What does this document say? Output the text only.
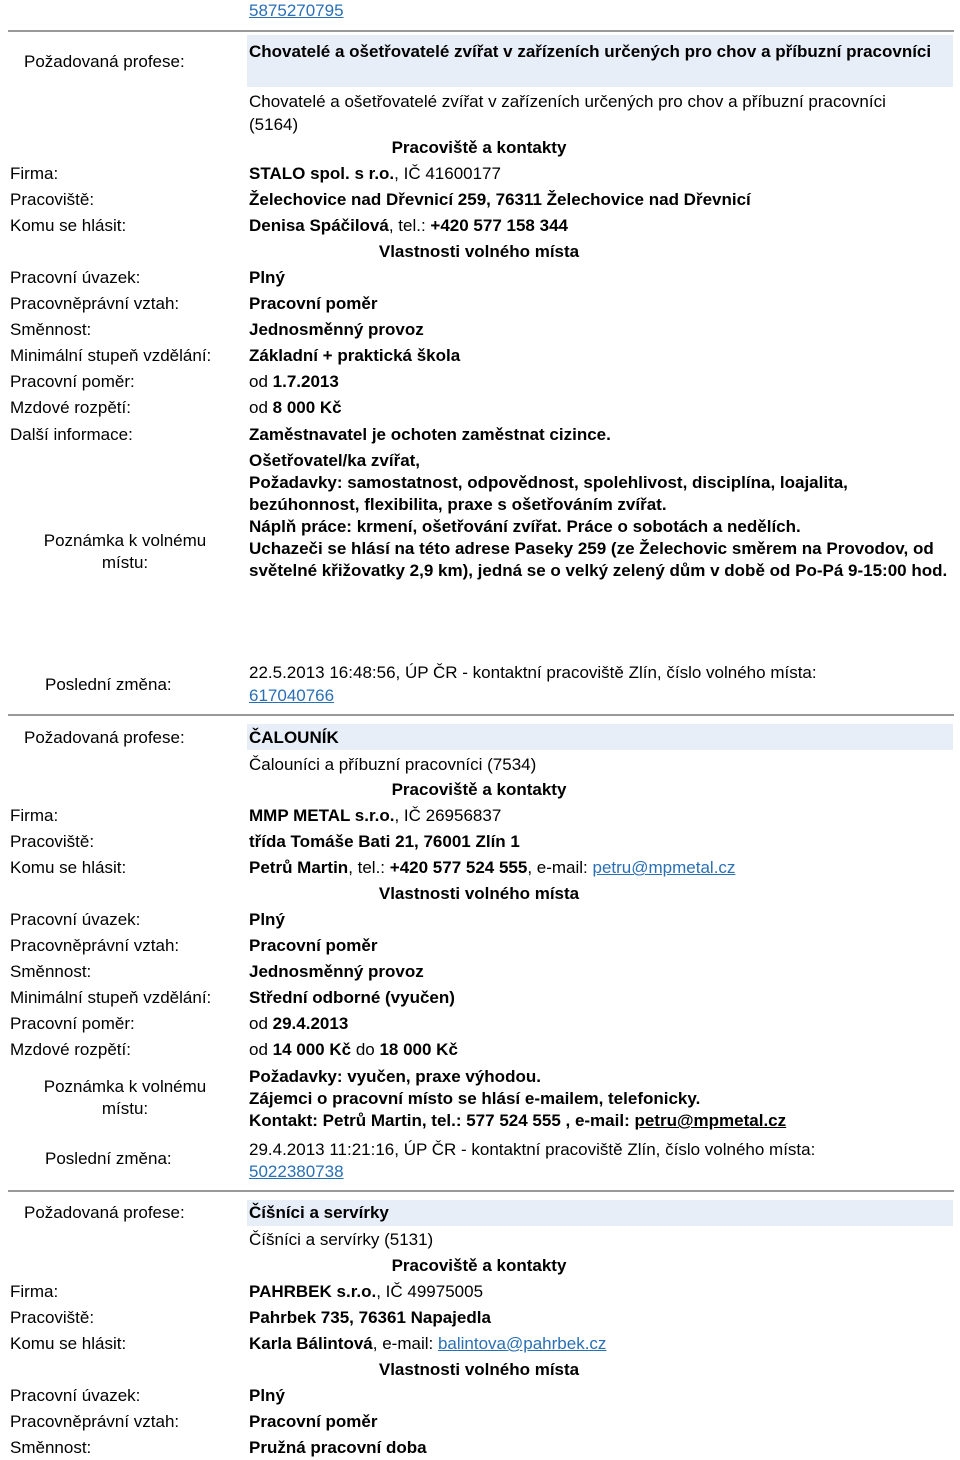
5875270795
Požadovaná profese:
Chovatelé a ošetřovatelé zvířat v zařízeních určených pro chov a příbuzní pracovníci
Chovatelé a ošetřovatelé zvířat v zařízeních určených pro chov a příbuzní pracovníci (5164)
Pracoviště a kontakty
Firma:	STALO spol. s r.o., IČ 41600177
Pracoviště:	Želechovice nad Dřevnicí 259, 76311 Želechovice nad Dřevnicí
Komu se hlásit:	Denisa Spáčilová, tel.: +420 577 158 344
Vlastnosti volného místa
Pracovní úvazek:	Plný
Pracovněprávní vztah:	Pracovní poměr
Směnnost:	Jednosměnný provoz
Minimální stupeň vzdělání: Základní + praktická škola
Pracovní poměr:	od 1.7.2013
Mzdové rozpětí:	od 8 000 Kč
Další informace:	Zaměstnavatel je ochoten zaměstnat cizince.
Poznámka k volnému
místu:
Ošetřovatel/ka zvířat,
Požadavky: samostatnost, odpovědnost, spolehlivost, disciplína, loajalita, bezúhonnost, flexibilita, praxe s ošetřováním zvířat.
Náplň práce: krmení, ošetřování zvířat. Práce o sobotách a nedělích.
Uchazeči se hlásí na této adrese Paseky 259 (ze Želechovic směrem na Provodov, od světelné křižovatky 2,9 km), jedná se o velký zelený dům v době od Po-Pá 9-15:00 hod.
Poslední změna:
22.5.2013 16:48:56, ÚP ČR - kontaktní pracoviště Zlín, číslo volného místa:
617040766
Požadovaná profese:	ČALOUNÍK
Čalouníci a příbuzní pracovníci (7534)
Pracoviště a kontakty
Firma:	MMP METAL s.r.o., IČ 26956837
Pracoviště:	třída Tomáše Bati 21, 76001 Zlín 1
Komu se hlásit:	Petrů Martin, tel.: +420 577 524 555, e-mail: petru@mpmetal.cz
Vlastnosti volného místa
Pracovní úvazek:	Plný
Pracovněprávní vztah:	Pracovní poměr
Směnnost:	Jednosměnný provoz
Minimální stupeň vzdělání: Střední odborné (vyučen)
Pracovní poměr:	od 29.4.2013
Mzdové rozpětí:	od 14 000 Kč do 18 000 Kč
Poznámka k volnému
místu:
Požadavky: vyučen, praxe výhodou.
Zájemci o pracovní místo se hlásí e-mailem, telefonicky.
Kontakt: Petrů Martin, tel.: 577 524 555 , e-mail: petru@mpmetal.cz
Poslední změna:	29.4.2013 11:21:16, ÚP ČR - kontaktní pracoviště Zlín, číslo volného místa:
5022380738
Požadovaná profese:	Číšníci a servírky
Číšníci a servírky (5131)
Pracoviště a kontakty
Firma:	PAHRBEK s.r.o., IČ 49975005
Pracoviště:	Pahrbek 735, 76361 Napajedla
Komu se hlásit:	Karla Bálintová, e-mail: balintova@pahrbek.cz
Vlastnosti volného místa
Pracovní úvazek:	Plný
Pracovněprávní vztah:	Pracovní poměr
Směnnost:	Pružná pracovní doba
